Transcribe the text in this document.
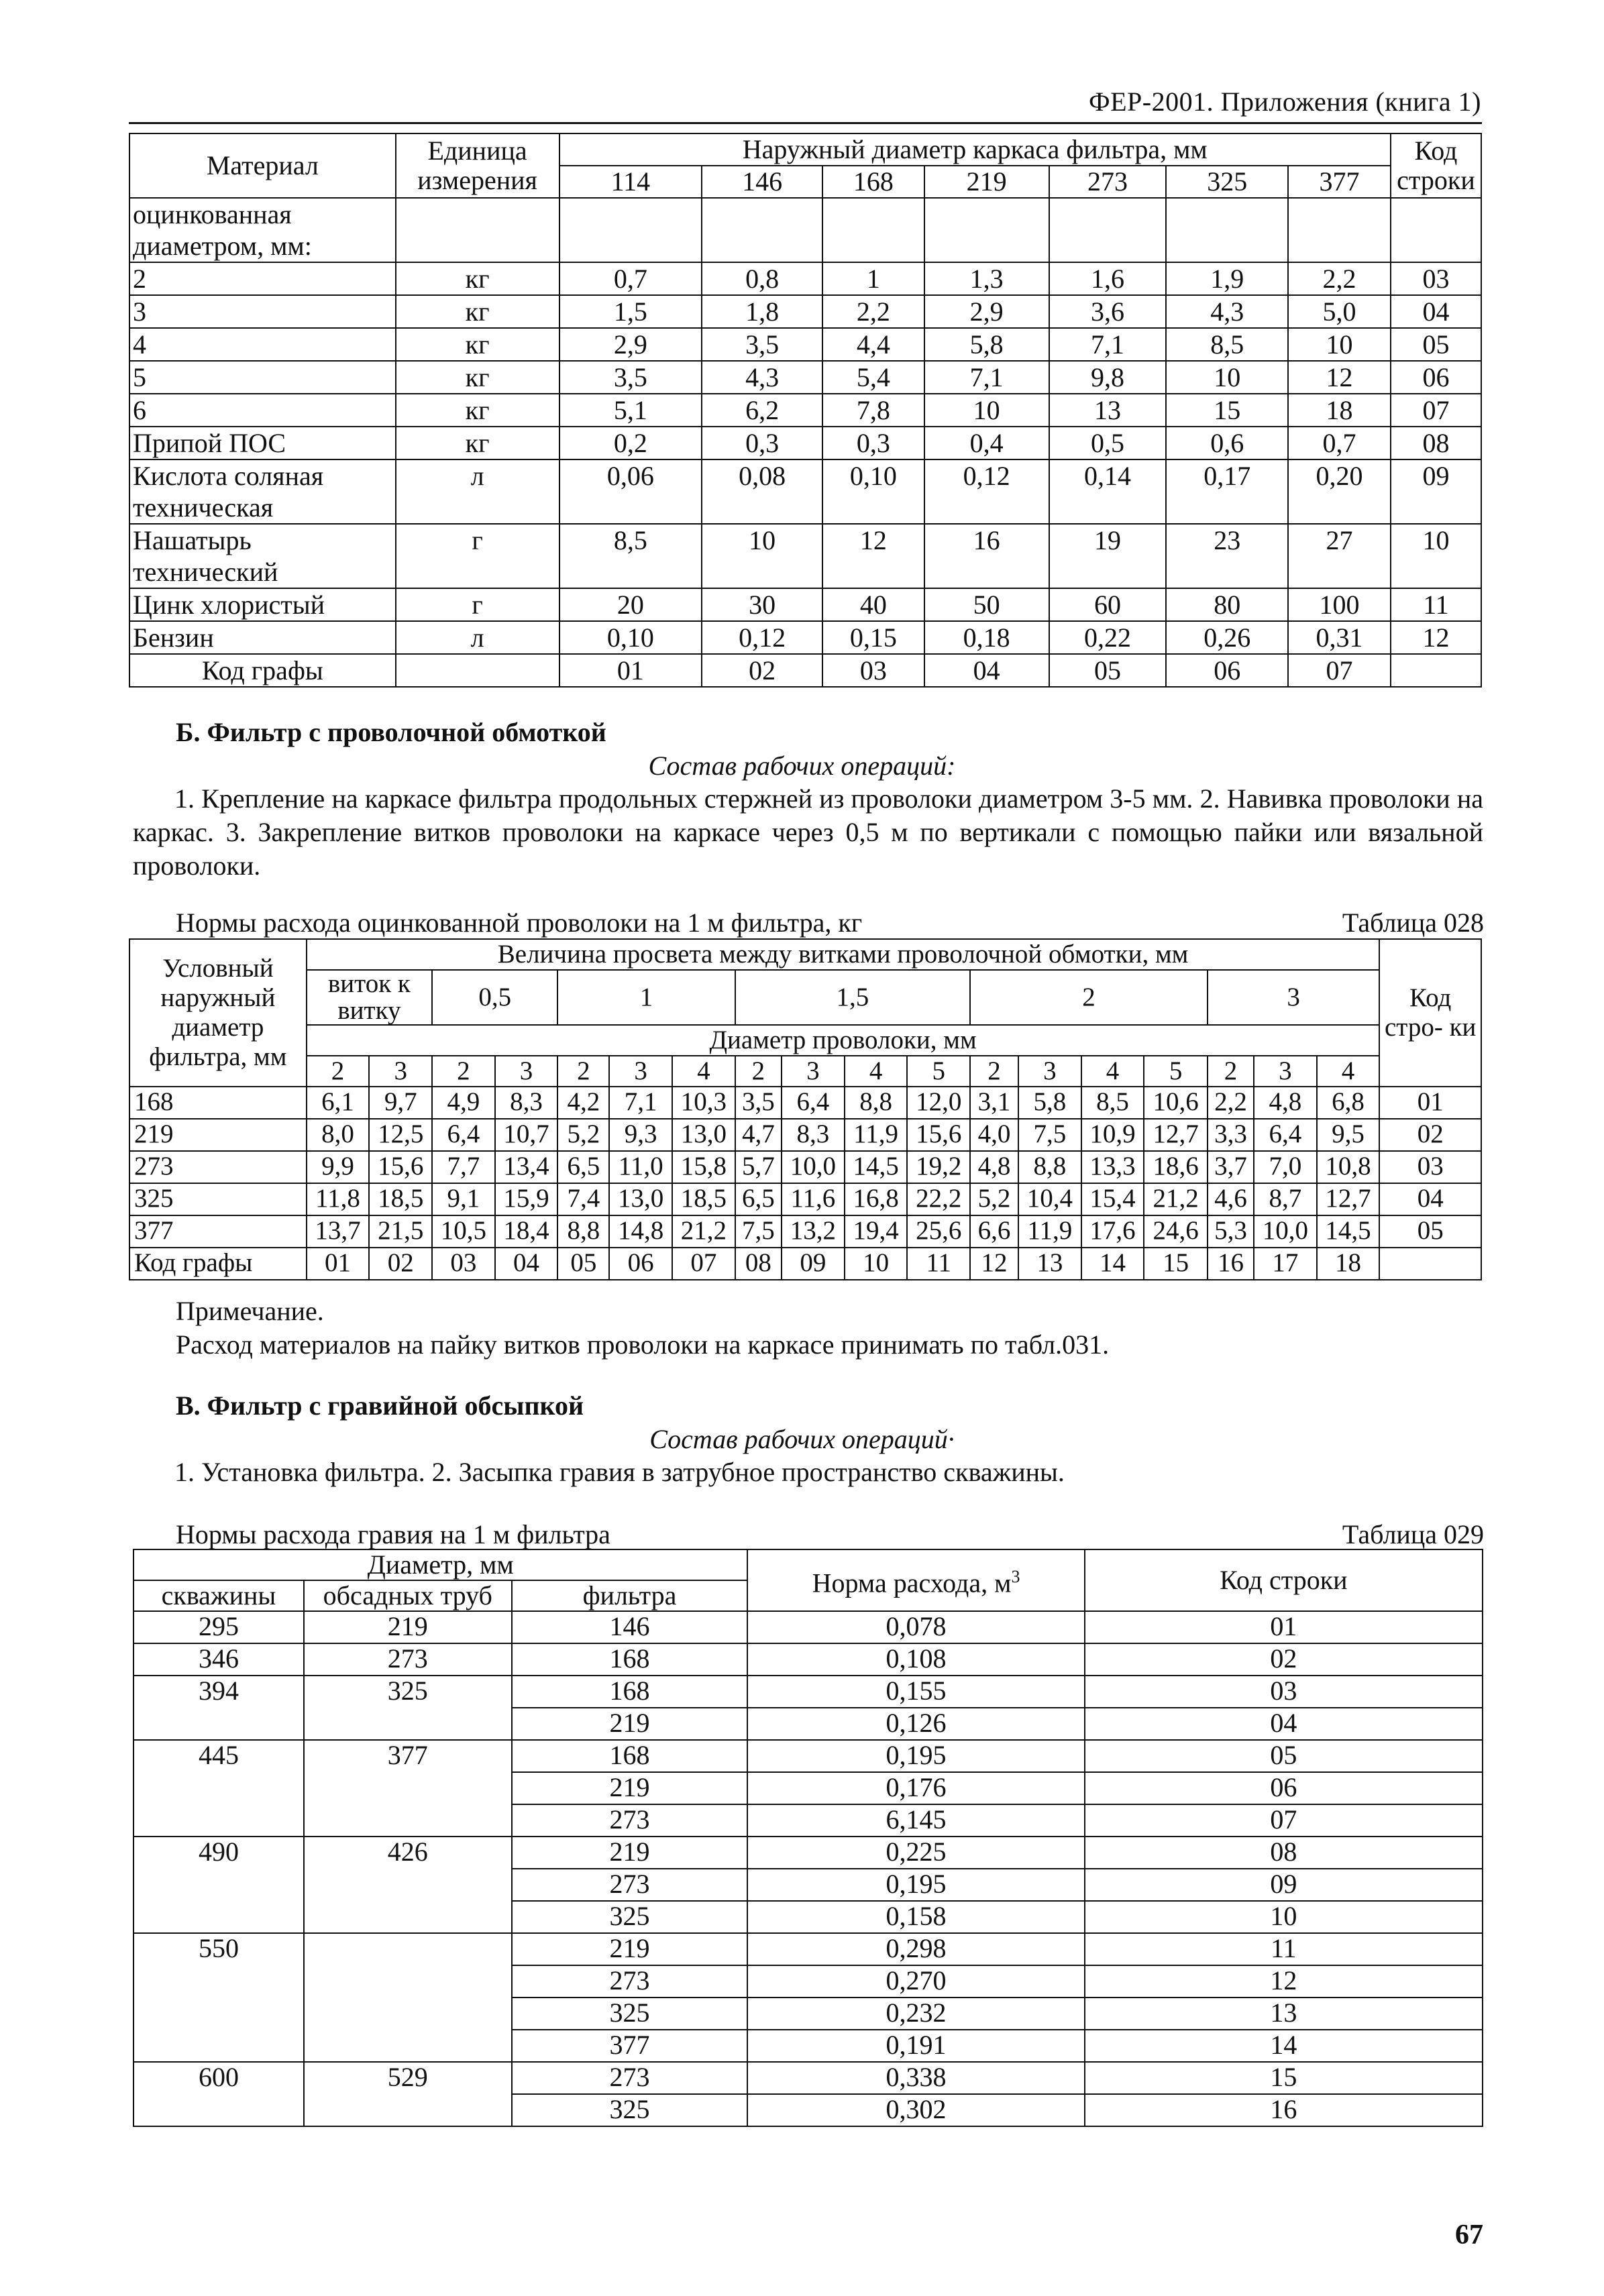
ФЕР-2001. Приложения (книга 1)
Материал	Единица измерения	Наружный диаметр каркаса фильтра, мм							Код строки
		114	146	168	219	273	325	377	
оцинкованная диаметром, мм:									
2	кг	0,7	0,8	1	1,3	1,6	1,9	2,2	03
3	кг	1,5	1,8	2,2	2,9	3,6	4,3	5,0	04
4	кг	2,9	3,5	4,4	5,8	7,1	8,5	10	05
5	кг	3,5	4,3	5,4	7,1	9,8	10	12	06
6	кг	5,1	6,2	7,8	10	13	15	18	07
Припой ПОС	кг	0,2	0,3	0,3	0,4	0,5	0,6	0,7	08
Кислота соляная техническая	л	0,06	0,08	0,10	0,12	0,14	0,17	0,20	09
Нашатырь технический	г	8,5	10	12	16	19	23	27	10
Цинк хлористый	г	20	30	40	50	60	80	100	11
Бензин	л	0,10	0,12	0,15	0,18	0,22	0,26	0,31	12
Код графы		01	02	03	04	05	06	07	
Б. Фильтр с проволочной обмоткой
Состав рабочих операций:
1. Крепление на каркасе фильтра продольных стержней из проволоки диаметром 3-5 мм. 2. Навивка проволоки на каркас. 3. Закрепление витков проволоки на каркасе через 0,5 м по вертикали с помощью пайки или вязальной проволоки.
Нормы расхода оцинкованной проволоки на 1 м фильтра, кг	Таблица 028
Условный наружный диаметр фильтра, мм	Величина просвета между витками проволочной обмотки, мм																		Код стро- ки
	виток к витку		0,5		1			1,5				2				3			
	Диаметр проволоки, мм																		
	2	3	2	3	2	3	4	2	3	4	5	2	3	4	5	2	3	4	
168	6,1	9,7	4,9	8,3	4,2	7,1	10,3	3,5	6,4	8,8	12,0	3,1	5,8	8,5	10,6	2,2	4,8	6,8	01
219	8,0	12,5	6,4	10,7	5,2	9,3	13,0	4,7	8,3	11,9	15,6	4,0	7,5	10,9	12,7	3,3	6,4	9,5	02
273	9,9	15,6	7,7	13,4	6,5	11,0	15,8	5,7	10,0	14,5	19,2	4,8	8,8	13,3	18,6	3,7	7,0	10,8	03
325	11,8	18,5	9,1	15,9	7,4	13,0	18,5	6,5	11,6	16,8	22,2	5,2	10,4	15,4	21,2	4,6	8,7	12,7	04
377	13,7	21,5	10,5	18,4	8,8	14,8	21,2	7,5	13,2	19,4	25,6	6,6	11,9	17,6	24,6	5,3	10,0	14,5	05
Код графы	01	02	03	04	05	06	07	08	09	10	11	12	13	14	15	16	17	18	
Примечание.
Расход материалов на пайку витков проволоки на каркасе принимать по табл.031.
В. Фильтр с гравийной обсыпкой
Состав рабочих операций·
1. Установка фильтра. 2. Засыпка гравия в затрубное пространство скважины.
Нормы расхода гравия на 1 м фильтра	Таблица 029
Диаметр, мм			Норма расхода, $м^3$	Код строки
скважины	обсадных труб	фильтра		
295	219	146	0,078	01
346	273	168	0,108	02
394	325	168	0,155	03
		219	0,126	04
445	377	168	0,195	05
		219	0,176	06
		273	6,145	07
490	426	219	0,225	08
		273	0,195	09
		325	0,158	10
550		219	0,298	11
		273	0,270	12
		325	0,232	13
		377	0,191	14
600	529	273	0,338	15
		325	0,302	16
67
